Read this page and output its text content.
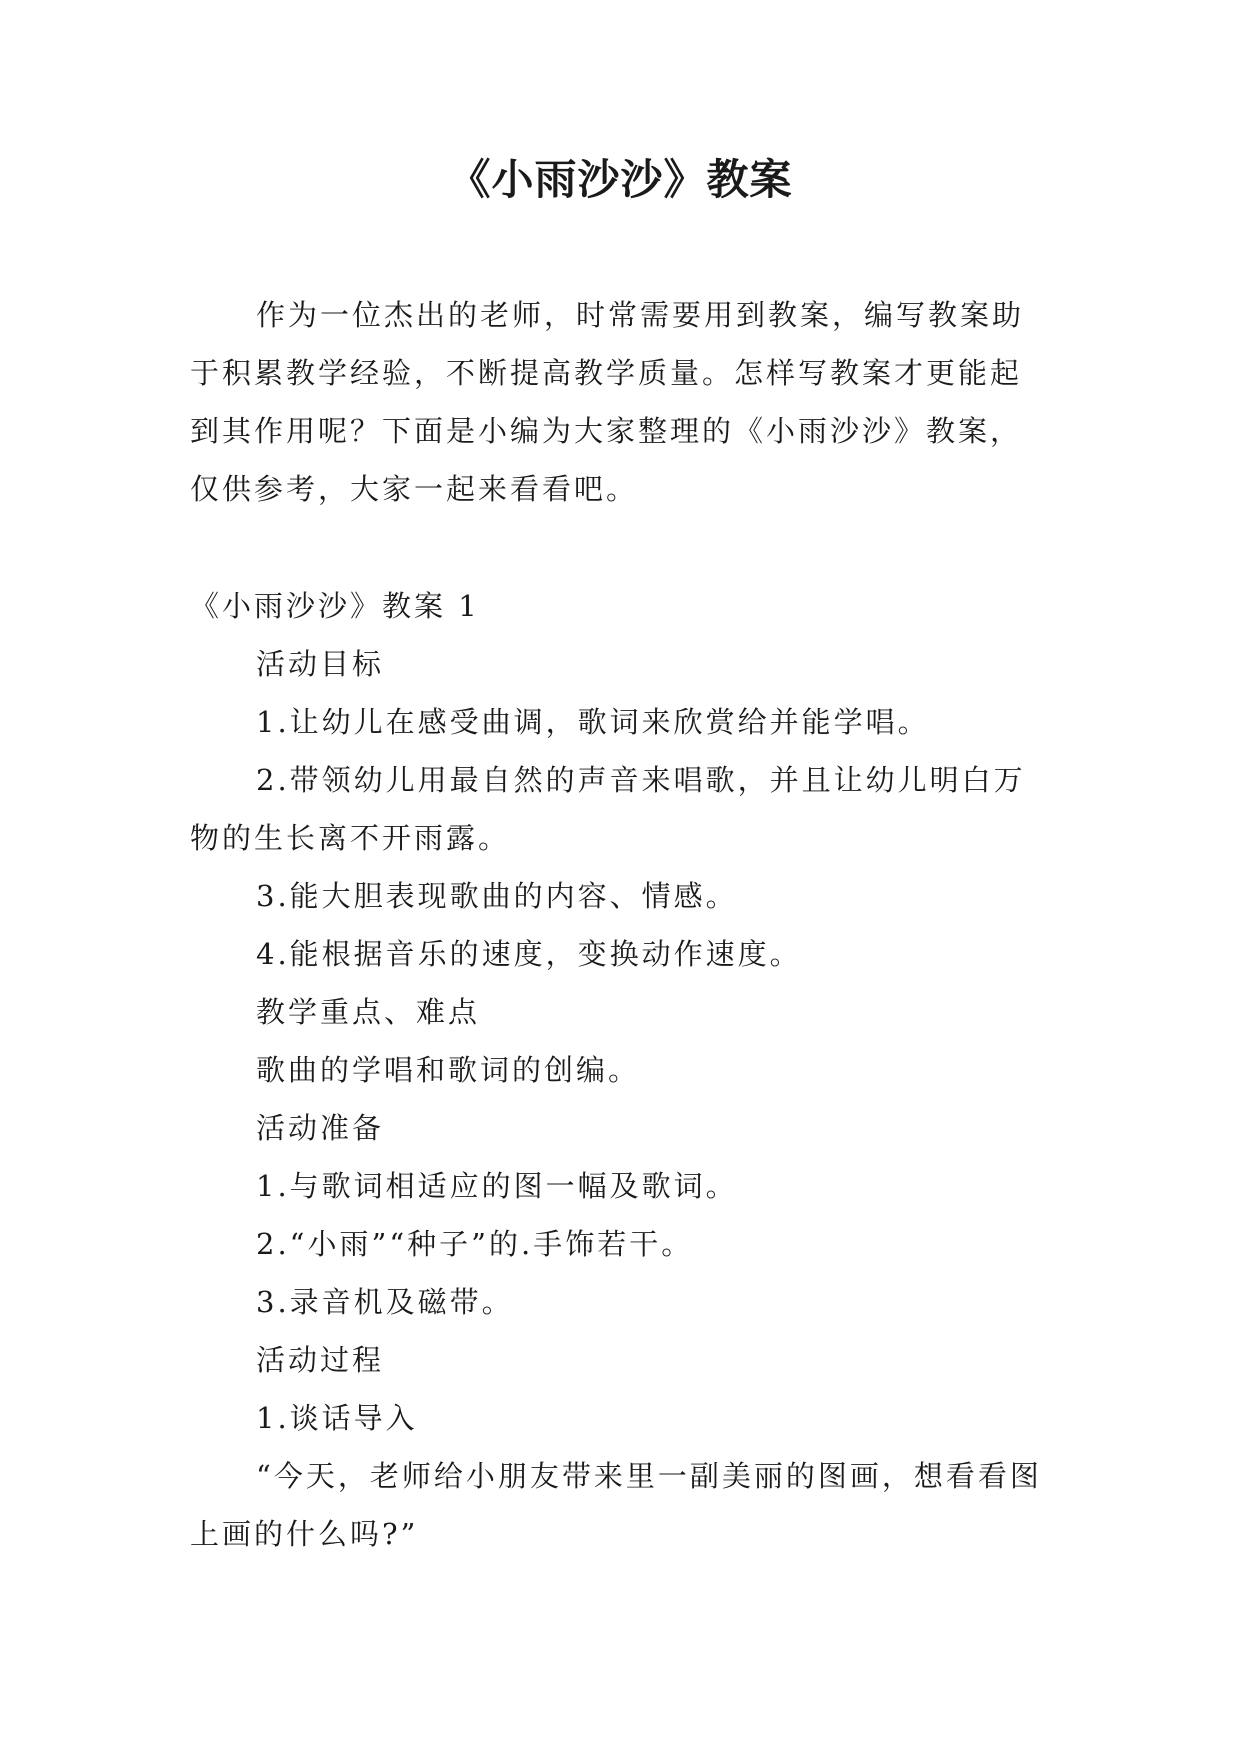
《小雨沙沙》教案

作为一位杰出的老师，时常需要用到教案，编写教案助于积累教学经验，不断提高教学质量。怎样写教案才更能起到其作用呢？下面是小编为大家整理的《小雨沙沙》教案，仅供参考，大家一起来看看吧。

《小雨沙沙》教案 1

活动目标

1.让幼儿在感受曲调，歌词来欣赏给并能学唱。

2.带领幼儿用最自然的声音来唱歌，并且让幼儿明白万物的生长离不开雨露。

3.能大胆表现歌曲的内容、情感。

4.能根据音乐的速度，变换动作速度。

教学重点、难点

歌曲的学唱和歌词的创编。

活动准备

1.与歌词相适应的图一幅及歌词。

2.“小雨”“种子”的.手饰若干。

3.录音机及磁带。

活动过程

1.谈话导入

“今天，老师给小朋友带来里一副美丽的图画，想看看图上画的什么吗?”
